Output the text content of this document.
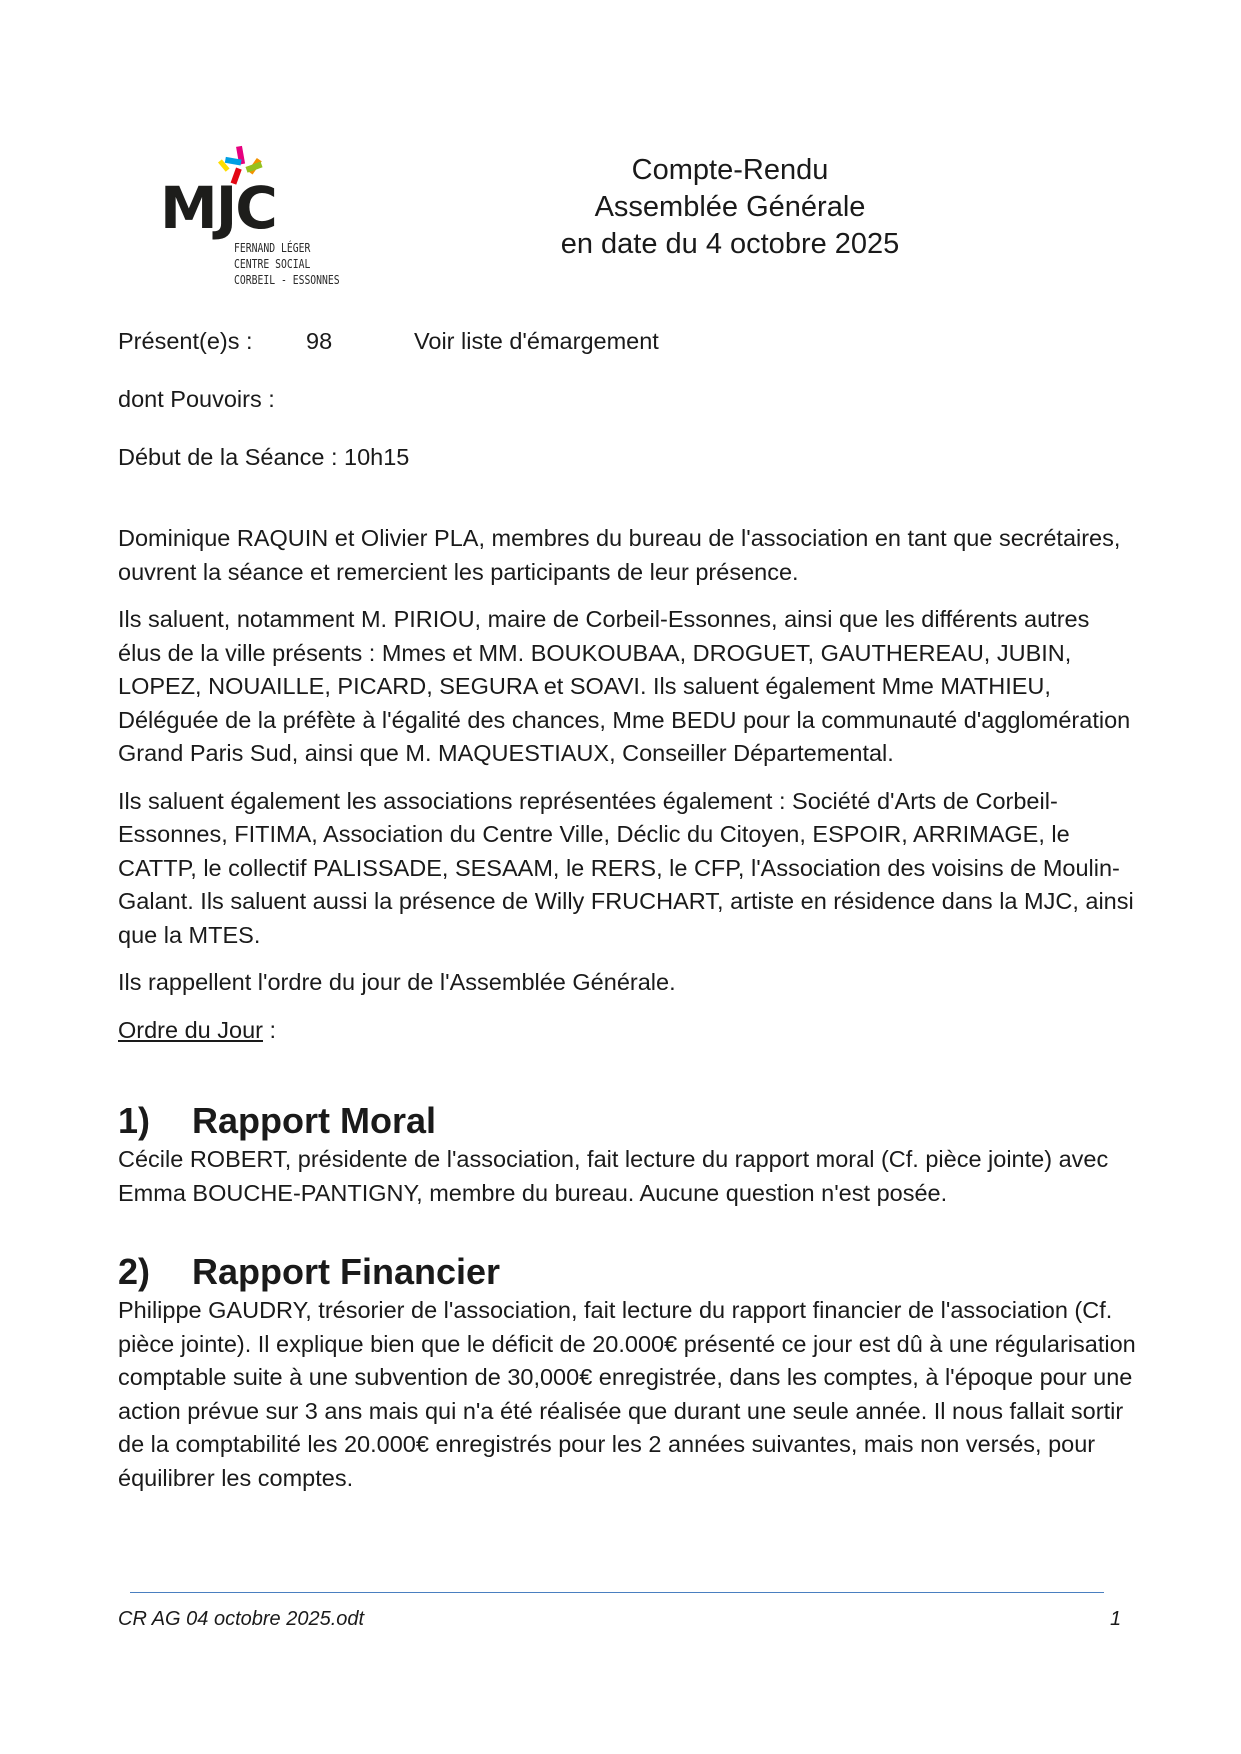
MJC
FERNAND LÉGER
CENTRE SOCIAL
CORBEIL - ESSONNES
Compte-Rendu
Assemblée Générale
en date du 4 octobre 2025
Présent(e)s : 98	Voir liste d'émargement
dont Pouvoirs :
Début de la Séance : 10h15

Dominique RAQUIN et Olivier PLA, membres du bureau de l'association en tant que secrétaires, ouvrent la séance et remercient les participants de leur présence.

Ils saluent, notamment M. PIRIOU, maire de Corbeil-Essonnes, ainsi que les différents autres élus de la ville présents : Mmes et MM. BOUKOUBAA, DROGUET, GAUTHEREAU, JUBIN, LOPEZ, NOUAILLE, PICARD, SEGURA et SOAVI. Ils saluent également Mme MATHIEU, Déléguée de la préfète à l'égalité des chances, Mme BEDU pour la communauté d'agglomération Grand Paris Sud, ainsi que M. MAQUESTIAUX, Conseiller Départemental.

Ils saluent également les associations représentées également : Société d'Arts de Corbeil-Essonnes, FITIMA, Association du Centre Ville, Déclic du Citoyen, ESPOIR, ARRIMAGE, le CATTP, le collectif PALISSADE, SESAAM, le RERS, le CFP, l'Association des voisins de Moulin-Galant. Ils saluent aussi la présence de Willy FRUCHART, artiste en résidence dans la MJC, ainsi que la MTES.

Ils rappellent l'ordre du jour de l'Assemblée Générale.

Ordre du Jour :

1)	Rapport Moral

Cécile ROBERT, présidente de l'association, fait lecture du rapport moral (Cf. pièce jointe) avec Emma BOUCHE-PANTIGNY, membre du bureau. Aucune question n'est posée.

2)	Rapport Financier

Philippe GAUDRY, trésorier de l'association, fait lecture du rapport financier de l'association (Cf. pièce jointe). Il explique bien que le déficit de 20.000€ présenté ce jour est dû à une régularisation comptable suite à une subvention de 30,000€ enregistrée, dans les comptes, à l'époque pour une action prévue sur 3 ans mais qui n'a été réalisée que durant une seule année. Il nous fallait sortir de la comptabilité les 20.000€ enregistrés pour les 2 années suivantes, mais non versés, pour équilibrer les comptes.

CR AG 04 octobre 2025.odt	1
